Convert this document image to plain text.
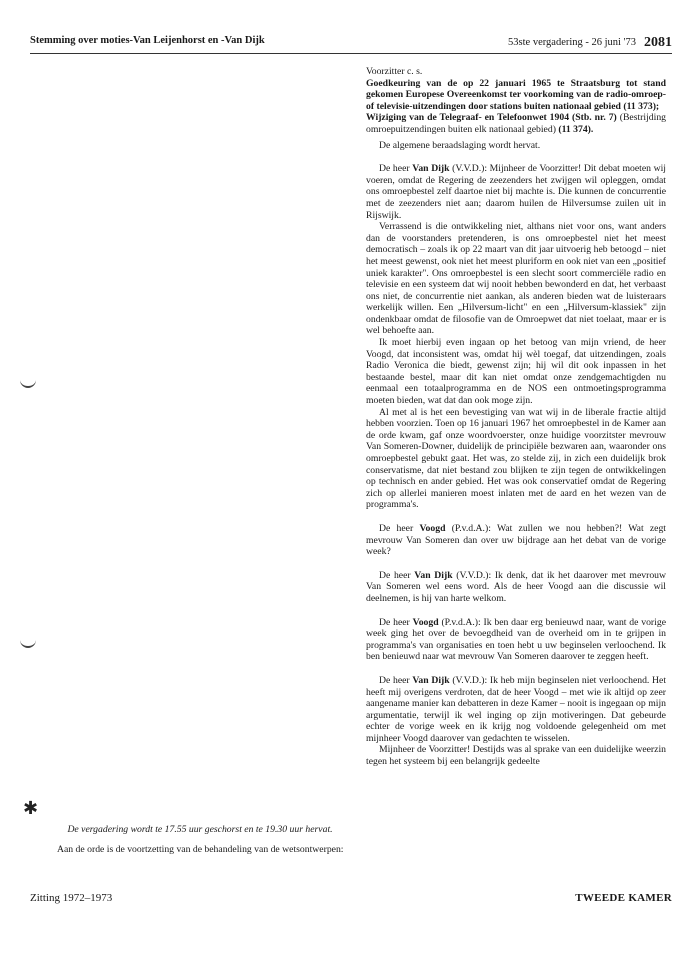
Stemming over moties-Van Leijenhorst en -Van Dijk	53ste vergadering - 26 juni '73 2081
✱

Voorzitter c. s.

Goedkeuring van de op 22 januari 1965 te Straatsburg tot stand gekomen Europese Overeenkomst ter voorkoming van de radio-omroep- of televisie-uitzendingen door stations buiten nationaal gebied (11 373);

Wijziging van de Telegraaf- en Telefoonwet 1904 (Stb. nr. 7) (Bestrijding omroepuitzendingen buiten elk nationaal gebied) (11 374).

De algemene beraadslaging wordt hervat.

De heer Van Dijk (V.V.D.): Mijnheer de Voorzitter! Dit debat moeten wij voeren, omdat de Regering de zeezenders het zwijgen wil opleggen, omdat ons omroepbestel zelf daartoe niet bij machte is. Die kunnen de concurrentie met de zeezenders niet aan; daarom huilen de Hilversumse zuilen uit in Rijswijk.

Verrassend is die ontwikkeling niet, althans niet voor ons, want anders dan de voorstanders pretenderen, is ons omroepbestel niet het meest democratisch – zoals ik op 22 maart van dit jaar uitvoerig heb betoogd – niet het meest gewenst, ook niet het meest pluriform en ook niet van een „positief uniek karakter". Ons omroepbestel is een slecht soort commerciële radio en televisie en een systeem dat wij nooit hebben bewonderd en dat, het verbaast ons niet, de concurrentie niet aankan, als anderen bieden wat de luisteraars werkelijk willen. Een „Hilversum-licht" en een „Hilversum-klassiek" zijn ondenkbaar omdat de filosofie van de Omroepwet dat niet toelaat, maar er is wel behoefte aan.

Ik moet hierbij even ingaan op het betoog van mijn vriend, de heer Voogd, dat inconsistent was, omdat hij wèl toegaf, dat uitzendingen, zoals Radio Veronica die biedt, gewenst zijn; hij wil dit ook inpassen in het bestaande bestel, maar dit kan niet omdat onze zendgemachtigden nu eenmaal een totaalprogramma en de NOS een ontmoetingsprogramma moeten bieden, wat dat dan ook moge zijn.

Al met al is het een bevestiging van wat wij in de liberale fractie altijd hebben voorzien. Toen op 16 januari 1967 het omroepbestel in de Kamer aan de orde kwam, gaf onze woordvoerster, onze huidige voorzitster mevrouw Van Someren-Downer, duidelijk de principiële bezwaren aan, waaronder ons omroepbestel gebukt gaat. Het was, zo stelde zij, in zich een duidelijk brok conservatisme, dat niet bestand zou blijken te zijn tegen de ontwikkelingen op technisch en ander gebied. Het was ook conservatief omdat de Regering zich op allerlei manieren moest inlaten met de aard en het wezen van de programma's.

De heer Voogd (P.v.d.A.): Wat zullen we nou hebben?! Wat zegt mevrouw Van Someren dan over uw bijdrage aan het debat van de vorige week?

De heer Van Dijk (V.V.D.): Ik denk, dat ik het daarover met mevrouw Van Someren wel eens word. Als de heer Voogd aan die discussie wil deelnemen, is hij van harte welkom.

De heer Voogd (P.v.d.A.): Ik ben daar erg benieuwd naar, want de vorige week ging het over de bevoegdheid van de overheid om in te grijpen in programma's van organisaties en toen hebt u uw beginselen verloochend. Ik ben benieuwd naar wat mevrouw Van Someren daarover te zeggen heeft.

De heer Van Dijk (V.V.D.): Ik heb mijn beginselen niet verloochend. Het heeft mij overigens verdroten, dat de heer Voogd – met wie ik altijd op zeer aangename manier kan debatteren in deze Kamer – nooit is ingegaan op mijn argumentatie, terwijl ik wel inging op zijn motiveringen. Dat gebeurde echter de vorige week en ik krijg nog voldoende gelegenheid om met mijnheer Voogd daarover van gedachten te wisselen.

Mijnheer de Voorzitter! Destijds was al sprake van een duidelijke weerzin tegen het systeem bij een belangrijk gedeelte

De vergadering wordt te 17.55 uur geschorst en te 19.30 uur hervat.

Aan de orde is de voortzetting van de behandeling van de wetsontwerpen:

Zitting 1972–1973	TWEEDE KAMER
